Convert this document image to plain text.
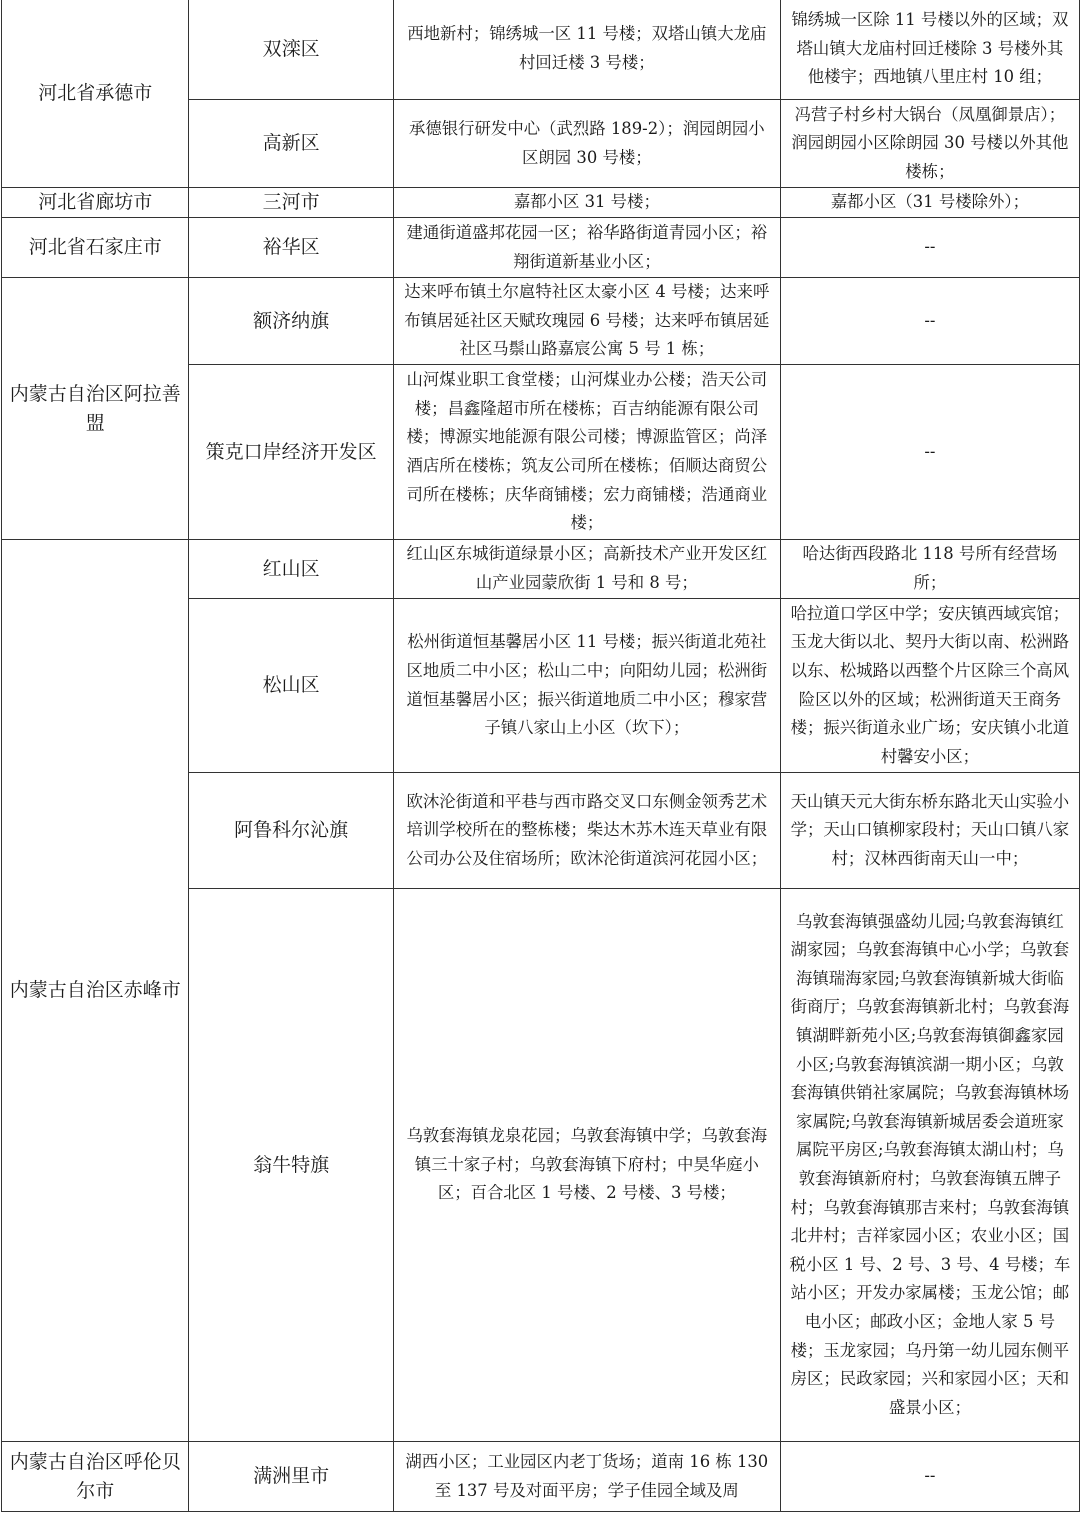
河北省承德市	双滦区	西地新村；锦绣城一区 11 号楼；双塔山镇大龙庙村回迁楼 3 号楼；	锦绣城一区除 11 号楼以外的区域；双塔山镇大龙庙村回迁楼除 3 号楼外其他楼宇；西地镇八里庄村 10 组；
	高新区	承德银行研发中心（武烈路 189-2）；润园朗园小区朗园 30 号楼；	冯营子村乡村大锅台（凤凰御景店）；润园朗园小区除朗园 30 号楼以外其他楼栋；
河北省廊坊市	三河市	嘉都小区 31 号楼；	嘉都小区（31 号楼除外）；
河北省石家庄市	裕华区	建通街道盛邦花园一区；裕华路街道青园小区；裕翔街道新基业小区；	--
内蒙古自治区阿拉善盟	额济纳旗	达来呼布镇土尔扈特社区太豪小区 4 号楼；达来呼布镇居延社区天赋玫瑰园 6 号楼；达来呼布镇居延社区马鬃山路嘉宸公寓 5 号 1 栋；	--
	策克口岸经济开发区	山河煤业职工食堂楼；山河煤业办公楼；浩天公司楼；昌鑫隆超市所在楼栋；百吉纳能源有限公司楼；博源实地能源有限公司楼；博源监管区；尚泽酒店所在楼栋；筑友公司所在楼栋；佰顺达商贸公司所在楼栋；庆华商铺楼；宏力商铺楼；浩通商业楼；	--
内蒙古自治区赤峰市	红山区	红山区东城街道绿景小区；高新技术产业开发区红山产业园蒙欣街 1 号和 8 号；	哈达街西段路北 118 号所有经营场所；
	松山区	松州街道恒基馨居小区 11 号楼；振兴街道北苑社区地质二中小区；松山二中；向阳幼儿园；松洲街道恒基馨居小区；振兴街道地质二中小区；穆家营子镇八家山上小区（坎下）；	哈拉道口学区中学；安庆镇西域宾馆；玉龙大街以北、契丹大街以南、松洲路以东、松城路以西整个片区除三个高风险区以外的区域；松洲街道天王商务楼；振兴街道永业广场；安庆镇小北道村馨安小区；
	阿鲁科尔沁旗	欧沐沦街道和平巷与西市路交叉口东侧金领秀艺术培训学校所在的整栋楼；柴达木苏木连天草业有限公司办公及住宿场所；欧沐沦街道滨河花园小区；	天山镇天元大街东桥东路北天山实验小学；天山口镇柳家段村；天山口镇八家村；汉林西街南天山一中；
	翁牛特旗	乌敦套海镇龙泉花园；乌敦套海镇中学；乌敦套海镇三十家子村；乌敦套海镇下府村；中昊华庭小区；百合北区 1 号楼、2 号楼、3 号楼；	乌敦套海镇强盛幼儿园;乌敦套海镇红湖家园；乌敦套海镇中心小学；乌敦套海镇瑞海家园;乌敦套海镇新城大街临街商厅；乌敦套海镇新北村；乌敦套海镇湖畔新苑小区;乌敦套海镇御鑫家园小区;乌敦套海镇滨湖一期小区；乌敦套海镇供销社家属院；乌敦套海镇林场家属院;乌敦套海镇新城居委会道班家属院平房区;乌敦套海镇太湖山村；乌敦套海镇新府村；乌敦套海镇五牌子村；乌敦套海镇那吉来村；乌敦套海镇北井村；吉祥家园小区；农业小区；国税小区 1 号、2 号、3 号、4 号楼；车站小区；开发办家属楼；玉龙公馆；邮电小区；邮政小区；金地人家 5 号楼；玉龙家园；乌丹第一幼儿园东侧平房区；民政家园；兴和家园小区；天和盛景小区；
内蒙古自治区呼伦贝尔市	满洲里市	湖西小区；工业园区内老丁货场；道南 16 栋 130 至 137 号及对面平房；学子佳园全域及周	--
